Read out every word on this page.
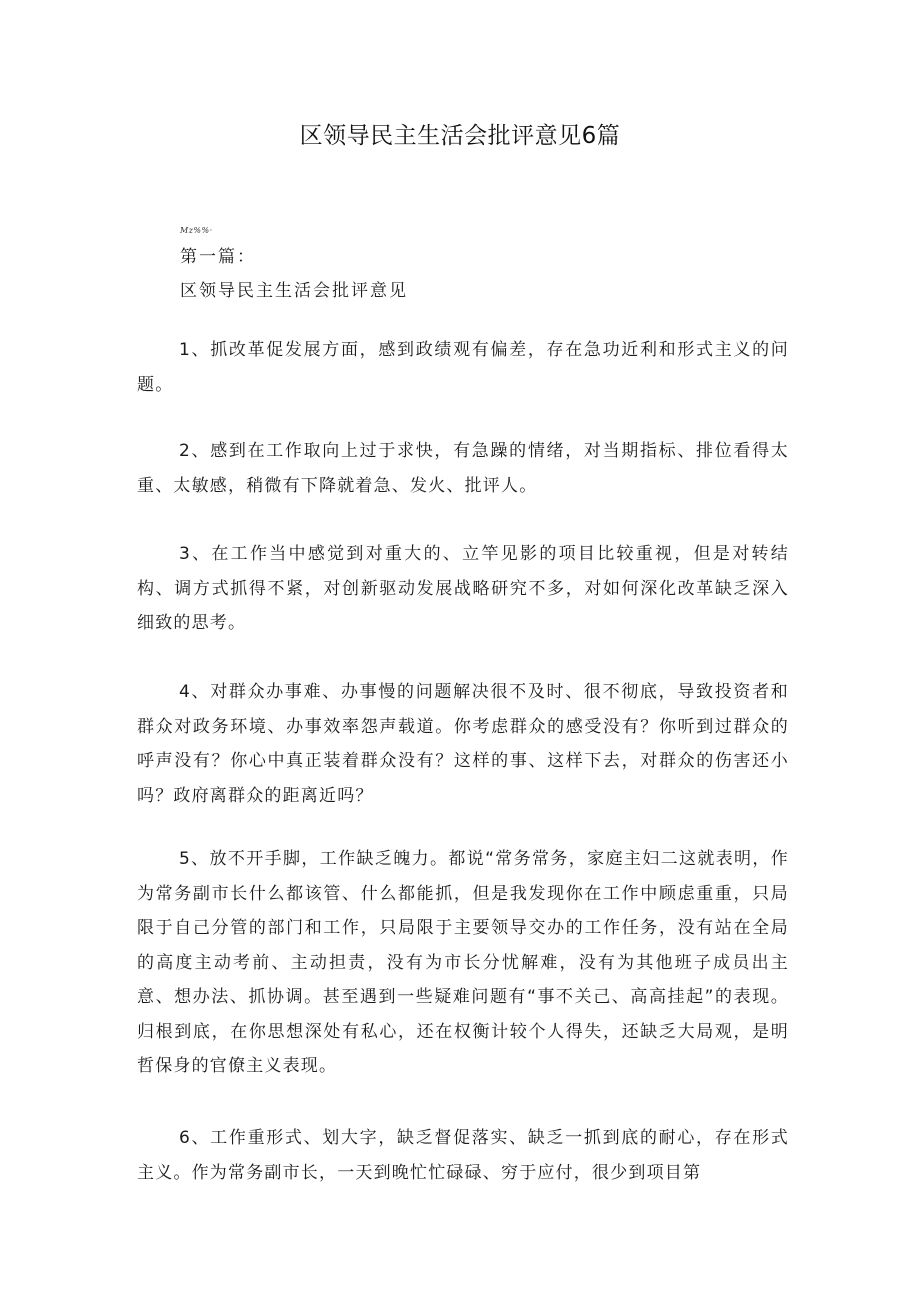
区领导民主生活会批评意见6篇
Mz%%·
第一篇：
区领导民主生活会批评意见

1、抓改革促发展方面，感到政绩观有偏差，存在急功近利和形式主义的问题。

2、感到在工作取向上过于求快，有急躁的情绪，对当期指标、排位看得太重、太敏感，稍微有下降就着急、发火、批评人。

3、在工作当中感觉到对重大的、立竿见影的项目比较重视，但是对转结构、调方式抓得不紧，对创新驱动发展战略研究不多，对如何深化改革缺乏深入细致的思考。

4、对群众办事难、办事慢的问题解决很不及时、很不彻底，导致投资者和群众对政务环境、办事效率怨声载道。你考虑群众的感受没有？你听到过群众的呼声没有？你心中真正装着群众没有？这样的事、这样下去，对群众的伤害还小吗？政府离群众的距离近吗？

5、放不开手脚，工作缺乏魄力。都说“常务常务，家庭主妇二这就表明，作为常务副市长什么都该管、什么都能抓，但是我发现你在工作中顾虑重重，只局限于自己分管的部门和工作，只局限于主要领导交办的工作任务，没有站在全局的高度主动考前、主动担责，没有为市长分忧解难，没有为其他班子成员出主意、想办法、抓协调。甚至遇到一些疑难问题有“事不关己、高高挂起”的表现。归根到底，在你思想深处有私心，还在权衡计较个人得失，还缺乏大局观，是明哲保身的官僚主义表现。

6、工作重形式、划大字，缺乏督促落实、缺乏一抓到底的耐心，存在形式主义。作为常务副市长，一天到晚忙忙碌碌、穷于应付，很少到项目第
